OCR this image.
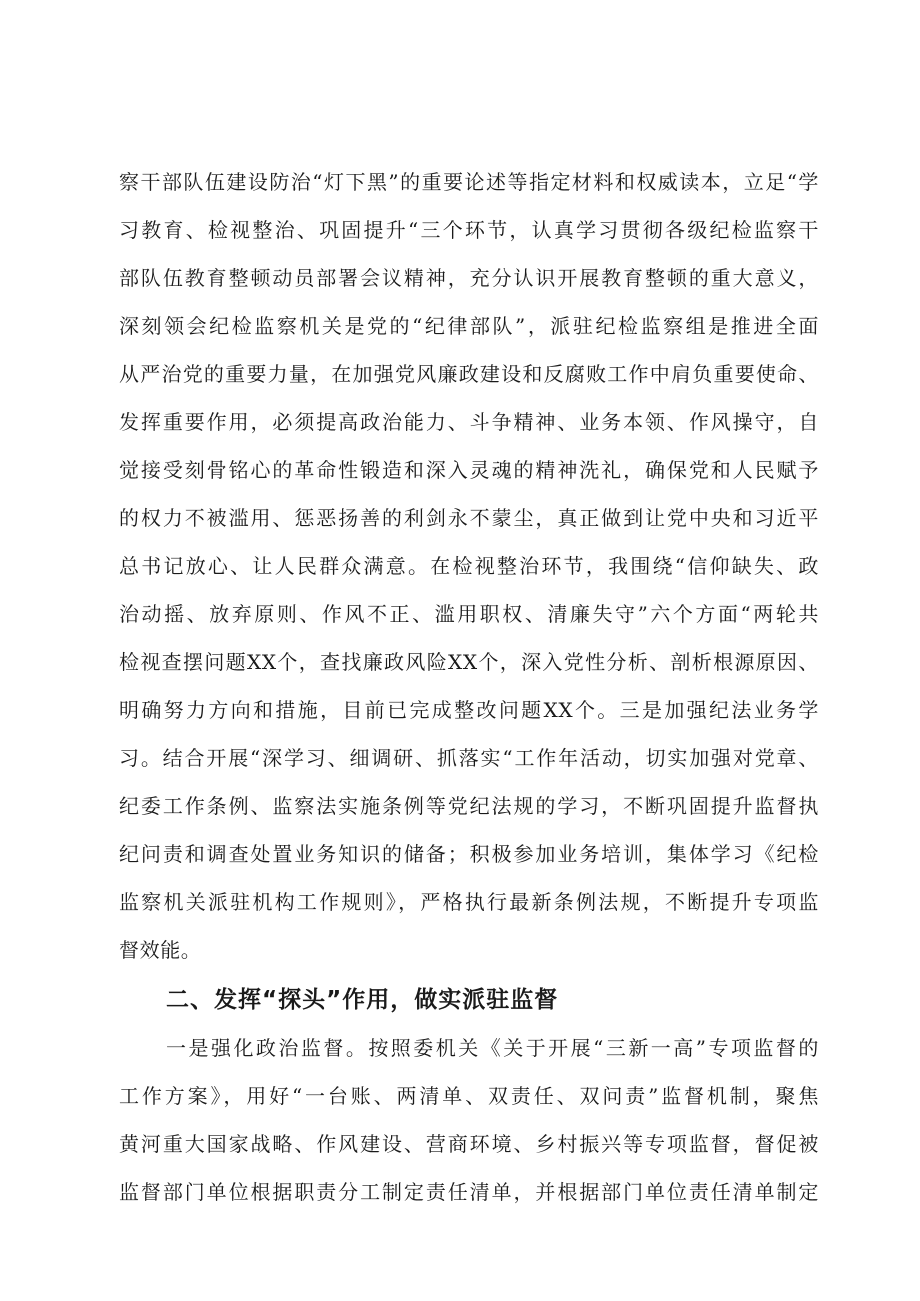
察干部队伍建设防治“灯下黑”的重要论述等指定材料和权威读本，立足“学
习教育、检视整治、巩固提升“三个环节，认真学习贯彻各级纪检监察干
部队伍教育整顿动员部署会议精神，充分认识开展教育整顿的重大意义，
深刻领会纪检监察机关是党的“纪律部队”，派驻纪检监察组是推进全面
从严治党的重要力量，在加强党风廉政建设和反腐败工作中肩负重要使命、
发挥重要作用，必须提高政治能力、斗争精神、业务本领、作风操守，自
觉接受刻骨铭心的革命性锻造和深入灵魂的精神洗礼，确保党和人民赋予
的权力不被滥用、惩恶扬善的利剑永不蒙尘，真正做到让党中央和习近平
总书记放心、让人民群众满意。在检视整治环节，我围绕“信仰缺失、政
治动摇、放弃原则、作风不正、滥用职权、清廉失守”六个方面“两轮共
检视查摆问题XX个，查找廉政风险XX个，深入党性分析、剖析根源原因、
明确努力方向和措施，目前已完成整改问题XX个。三是加强纪法业务学
习。结合开展“深学习、细调研、抓落实“工作年活动，切实加强对党章、
纪委工作条例、监察法实施条例等党纪法规的学习，不断巩固提升监督执
纪问责和调查处置业务知识的储备；积极参加业务培训，集体学习《纪检
监察机关派驻机构工作规则》，严格执行最新条例法规，不断提升专项监
督效能。
二、发挥“探头”作用，做实派驻监督
一是强化政治监督。按照委机关《关于开展“三新一高”专项监督的
工作方案》，用好“一台账、两清单、双责任、双问责”监督机制，聚焦
黄河重大国家战略、作风建设、营商环境、乡村振兴等专项监督，督促被
监督部门单位根据职责分工制定责任清单，并根据部门单位责任清单制定
